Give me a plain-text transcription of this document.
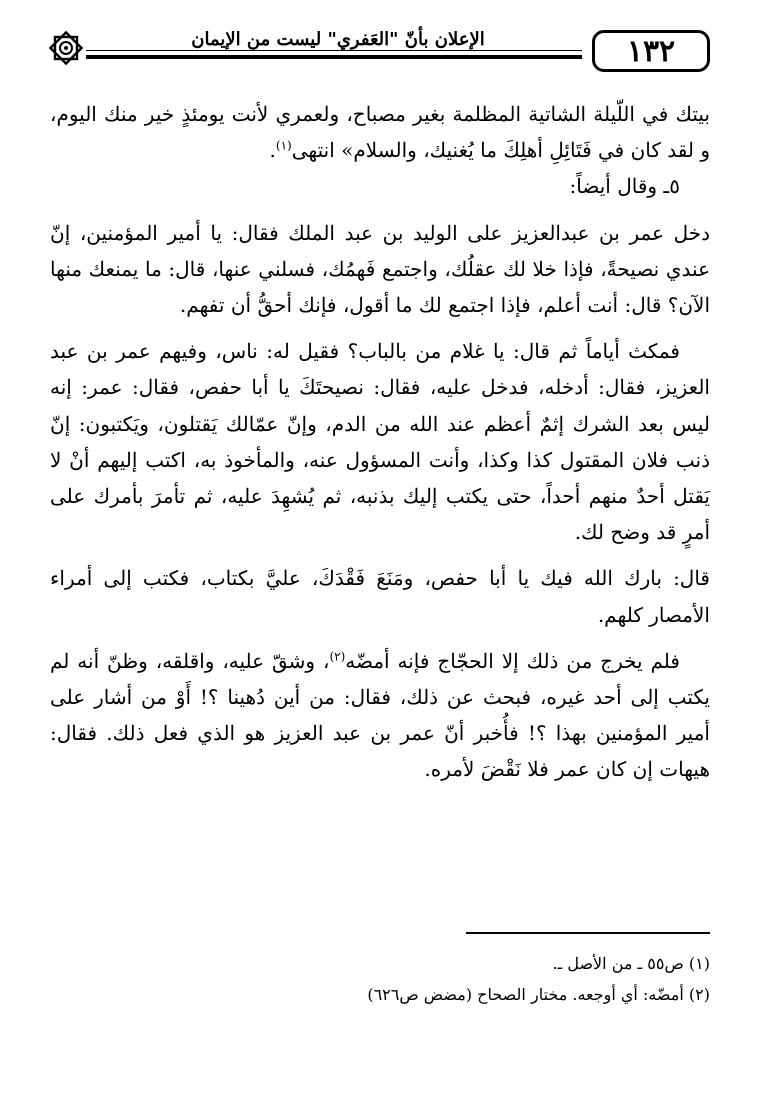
الإعلان بأنّ "العَفري" ليست من الإيمان	١٣٢

بيتك في اللّيلة الشاتية المظلمة بغير مصباح، ولعمري لأنت يومئذٍ خير منك اليوم، و لقد كان في فَتَائِلِ أهلِكَ ما يُغنيك، والسلام» انتهى$^{(١)}$.

٥ـ وقال أيضاً:

دخل عمر بن عبدالعزيز على الوليد بن عبد الملك فقال: يا أمير المؤمنين، إنّ عندي نصيحةً، فإذا خلا لك عقلُك، واجتمع فَهمُك، فسلني عنها، قال: ما يمنعك منها الآن؟ قال: أنت أعلم، فإذا اجتمع لك ما أقول، فإنك أحقُّ أن تفهم.

فمكث أياماً ثم قال: يا غلام من بالباب؟ فقيل له: ناس، وفيهم عمر بن عبد العزيز، فقال: أدخله، فدخل عليه، فقال: نصيحتَكَ يا أبا حفص، فقال: عمر: إنه ليس بعد الشرك إثمٌ أعظم عند الله من الدم، وإنّ عمّالك يَقتلون، ويَكتبون: إنّ ذنب فلان المقتول كذا وكذا، وأنت المسؤول عنه، والمأخوذ به، اكتب إليهم أنْ لا يَقتل أحدٌ منهم أحداً، حتى يكتب إليك بذنبه، ثم يُشهِدَ عليه، ثم تأمرَ بأمرك على أمرٍ قد وضح لك.

قال: بارك الله فيك يا أبا حفص، ومَنَعَ فَقْدَكَ، عليَّ بكتاب، فكتب إلى أمراء الأمصار كلهم.

فلم يخرج من ذلك إلا الحجّاج فإنه أمضّه$^{(٢)}$، وشقّ عليه، واقلقه، وظنّ أنه لم يكتب إلى أحد غيره، فبحث عن ذلك، فقال: من أين دُهينا ؟! أَوْ من أشار على أمير المؤمنين بهذا ؟! فأُخبر أنّ عمر بن عبد العزيز هو الذي فعل ذلك. فقال: هيهات إن كان عمر فلا نَقْضَ لأمره.

(١) ص٥٥ ـ من الأصل ـ.

(٢) أمضّه: أي أوجعه. مختار الصحاح (مضض ص٦٢٦)
